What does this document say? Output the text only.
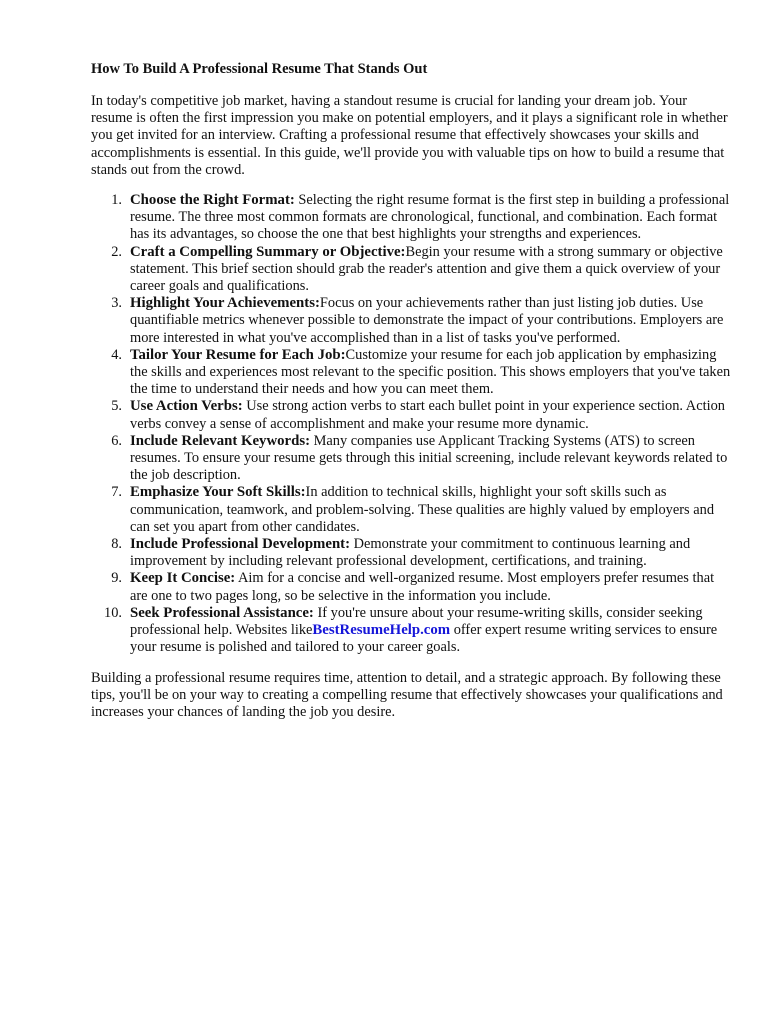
How To Build A Professional Resume That Stands Out

In today's competitive job market, having a standout resume is crucial for landing your dream job. Your resume is often the first impression you make on potential employers, and it plays a significant role in whether you get invited for an interview. Crafting a professional resume that effectively showcases your skills and accomplishments is essential. In this guide, we'll provide you with valuable tips on how to build a resume that stands out from the crowd.

1. Choose the Right Format: Selecting the right resume format is the first step in building a professional resume. The three most common formats are chronological, functional, and combination. Each format has its advantages, so choose the one that best highlights your strengths and experiences.
2. Craft a Compelling Summary or Objective:Begin your resume with a strong summary or objective statement. This brief section should grab the reader's attention and give them a quick overview of your career goals and qualifications.
3. Highlight Your Achievements:Focus on your achievements rather than just listing job duties. Use quantifiable metrics whenever possible to demonstrate the impact of your contributions. Employers are more interested in what you've accomplished than in a list of tasks you've performed.
4. Tailor Your Resume for Each Job:Customize your resume for each job application by emphasizing the skills and experiences most relevant to the specific position. This shows employers that you've taken the time to understand their needs and how you can meet them.
5. Use Action Verbs: Use strong action verbs to start each bullet point in your experience section. Action verbs convey a sense of accomplishment and make your resume more dynamic.
6. Include Relevant Keywords: Many companies use Applicant Tracking Systems (ATS) to screen resumes. To ensure your resume gets through this initial screening, include relevant keywords related to the job description.
7. Emphasize Your Soft Skills:In addition to technical skills, highlight your soft skills such as communication, teamwork, and problem-solving. These qualities are highly valued by employers and can set you apart from other candidates.
8. Include Professional Development: Demonstrate your commitment to continuous learning and improvement by including relevant professional development, certifications, and training.
9. Keep It Concise: Aim for a concise and well-organized resume. Most employers prefer resumes that are one to two pages long, so be selective in the information you include.
10. Seek Professional Assistance: If you're unsure about your resume-writing skills, consider seeking professional help. Websites likeBestResumeHelp.com offer expert resume writing services to ensure your resume is polished and tailored to your career goals.

Building a professional resume requires time, attention to detail, and a strategic approach. By following these tips, you'll be on your way to creating a compelling resume that effectively showcases your qualifications and increases your chances of landing the job you desire.
